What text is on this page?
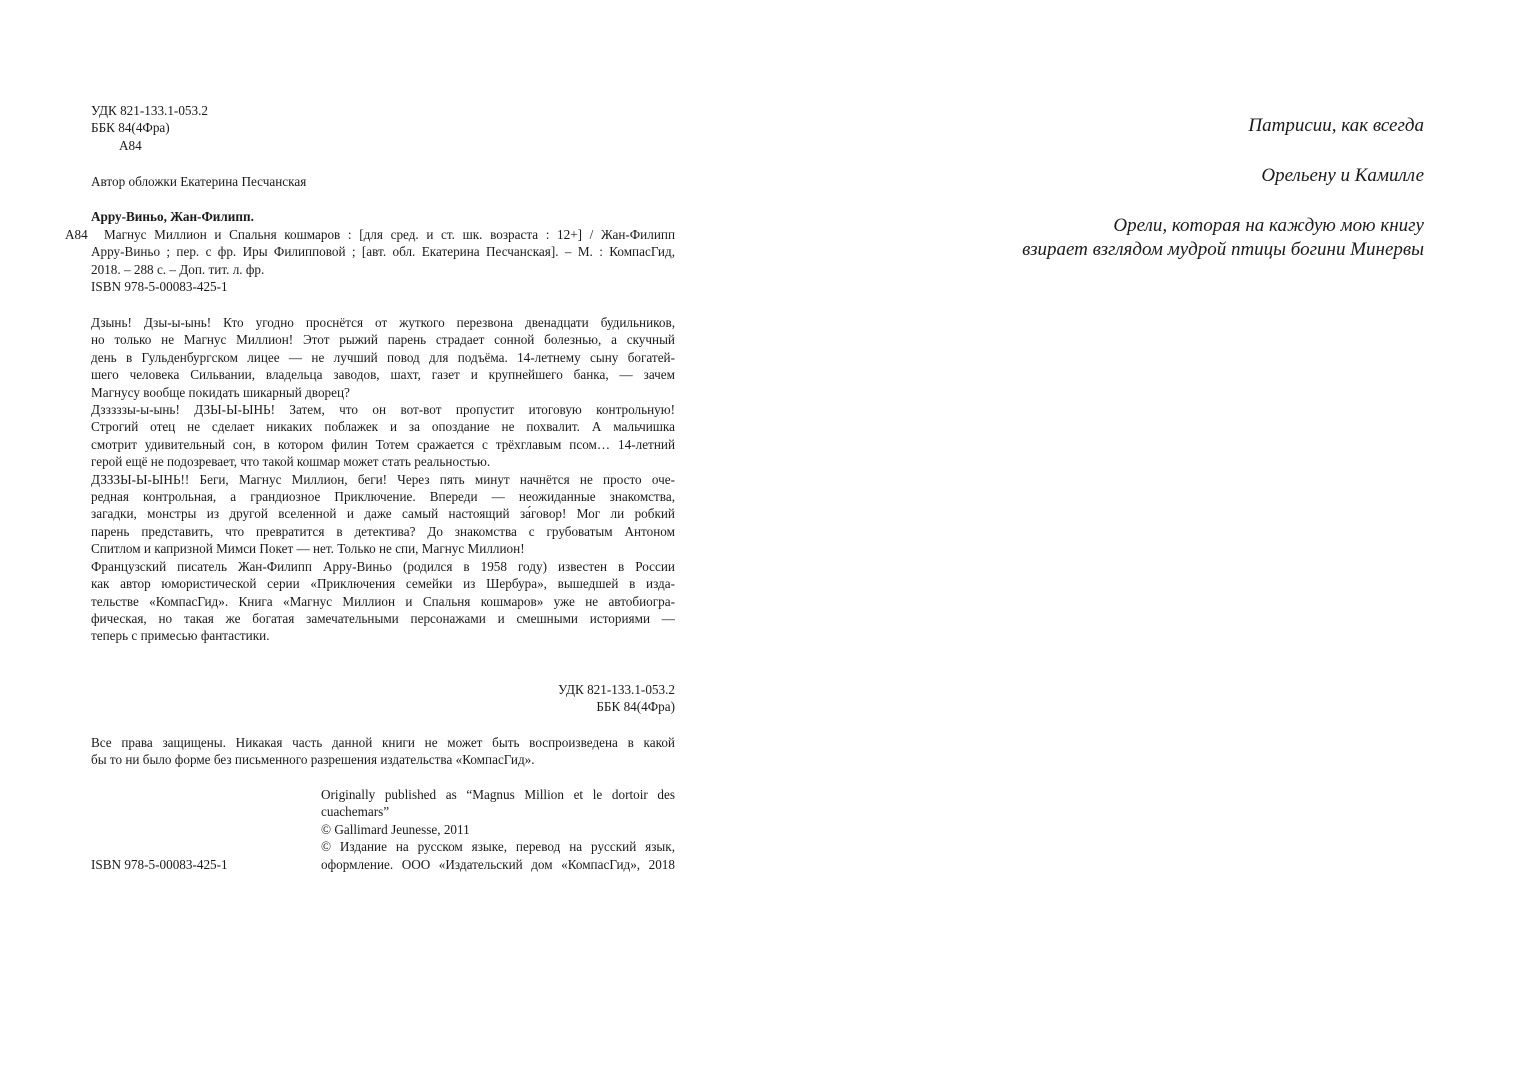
УДК 821-133.1-053.2
ББК 84(4Фра)
А84
Автор обложки Екатерина Песчанская
Арру-Виньо, Жан-Филипп.
А84	Магнус Миллион и Спальня кошмаров : [для сред. и ст. шк. возраста : 12+] / Жан-Филипп
Арру-Виньо ; пер. с фр. Иры Филипповой ; [авт. обл. Екатерина Песчанская]. – М. : КомпасГид,
2018. – 288 с. – Доп. тит. л. фр.
ISBN 978-5-00083-425-1
Дзынь! Дзы-ы-ынь! Кто угодно проснётся от жуткого перезвона двенадцати будильников,
но только не Магнус Миллион! Этот рыжий парень страдает сонной болезнью, а скучный
день в Гульденбургском лицее — не лучший повод для подъёма. 14-летнему сыну богатей-
шего человека Сильвании, владельца заводов, шахт, газет и крупнейшего банка, — зачем
Магнусу вообще покидать шикарный дворец?
Дзззззы-ы-ынь! ДЗЫ-Ы-ЫНЬ! Затем, что он вот-вот пропустит итоговую контрольную!
Строгий отец не сделает никаких поблажек и за опоздание не похвалит. А мальчишка
смотрит удивительный сон, в котором филин Тотем сражается с трёхглавым псом… 14-летний
герой ещё не подозревает, что такой кошмар может стать реальностью.
ДЗЗЗЫ-Ы-ЫНЬ!! Беги, Магнус Миллион, беги! Через пять минут начнётся не просто оче-
редная контрольная, а грандиозное Приключение. Впереди — неожиданные знакомства,
загадки, монстры из другой вселенной и даже самый настоящий за́говор! Мог ли робкий
парень представить, что превратится в детектива? До знакомства с грубоватым Антоном
Спитлом и капризной Мимси Покет — нет. Только не спи, Магнус Миллион!
Французский писатель Жан-Филипп Арру-Виньо (родился в 1958 году) известен в России
как автор юмористической серии «Приключения семейки из Шербура», вышедшей в изда-
тельстве «КомпасГид». Книга «Магнус Миллион и Спальня кошмаров» уже не автобиогра-
фическая, но такая же богатая замечательными персонажами и смешными историями —
теперь с примесью фантастики.
УДК 821-133.1-053.2
ББК 84(4Фра)
Все права защищены. Никакая часть данной книги не может быть воспроизведена в какой
бы то ни было форме без письменного разрешения издательства «КомпасГид».
ISBN 978-5-00083-425-1
Originally published as “Magnus Million et le dortoir des
cuachemars”
© Gallimard Jeunesse, 2011
© Издание на русском языке, перевод на русский язык,
оформление. ООО «Издательский дом «КомпасГид», 2018
Патрисии, как всегда
Орельену и Камилле
Орели, которая на каждую мою книгу
взирает взглядом мудрой птицы богини Минервы
